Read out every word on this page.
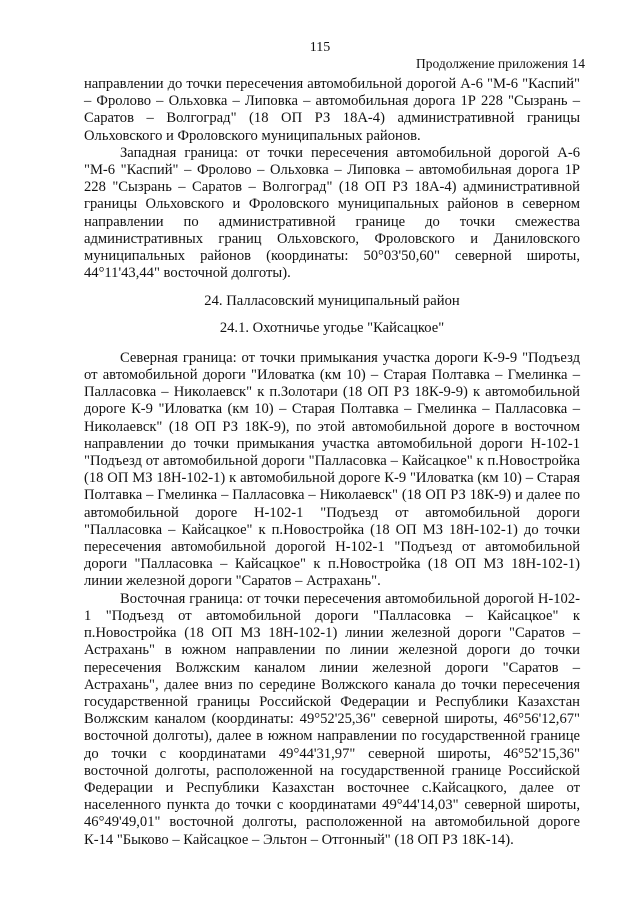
115
Продолжение приложения 14

направлении до точки пересечения автомобильной дорогой А-6 "М-6 "Каспий" – Фролово – Ольховка – Липовка – автомобильная дорога 1Р 228 "Сызрань – Саратов – Волгоград" (18 ОП РЗ 18А-4) административной границы Ольховского и Фроловского муниципальных районов.

Западная граница: от точки пересечения автомобильной дорогой А-6 "М-6 "Каспий" – Фролово – Ольховка – Липовка – автомобильная дорога 1Р 228 "Сызрань – Саратов – Волгоград" (18 ОП РЗ 18А-4) административной границы Ольховского и Фроловского муниципальных районов в северном направлении по административной границе до точки смежества административных границ Ольховского, Фроловского и Даниловского муниципальных районов (координаты: 50°03'50,60" северной широты, 44°11'43,44" восточной долготы).

24. Палласовский муниципальный район
24.1. Охотничье угодье "Кайсацкое"

Северная граница: от точки примыкания участка дороги К-9-9 "Подъезд от автомобильной дороги "Иловатка (км 10) – Старая Полтавка – Гмелинка – Палласовка – Николаевск" к п.Золотари (18 ОП РЗ 18К-9-9) к автомобильной дороге К-9 "Иловатка (км 10) – Старая Полтавка – Гмелинка – Палласовка – Николаевск" (18 ОП РЗ 18К-9), по этой автомобильной дороге в восточном направлении до точки примыкания участка автомобильной дороги Н-102-1 "Подъезд от автомобильной дороги "Палласовка – Кайсацкое" к п.Новостройка (18 ОП МЗ 18Н-102-1) к автомобильной дороге К-9 "Иловатка (км 10) – Старая Полтавка – Гмелинка – Палласовка – Николаевск" (18 ОП РЗ 18К-9) и далее по автомобильной дороге Н-102-1 "Подъезд от автомобильной дороги "Палласовка – Кайсацкое" к п.Новостройка (18 ОП МЗ 18Н-102-1) до точки пересечения автомобильной дорогой Н-102-1 "Подъезд от автомобильной дороги "Палласовка – Кайсацкое" к п.Новостройка (18 ОП МЗ 18Н-102-1) линии железной дороги "Саратов – Астрахань".

Восточная граница: от точки пересечения автомобильной дорогой Н-102-1 "Подъезд от автомобильной дороги "Палласовка – Кайсацкое" к п.Новостройка (18 ОП МЗ 18Н-102-1) линии железной дороги "Саратов – Астрахань" в южном направлении по линии железной дороги до точки пересечения Волжским каналом линии железной дороги "Саратов – Астрахань", далее вниз по середине Волжского канала до точки пересечения государственной границы Российской Федерации и Республики Казахстан Волжским каналом (координаты: 49°52'25,36" северной широты, 46°56'12,67" восточной долготы), далее в южном направлении по государственной границе до точки с координатами 49°44'31,97" северной широты, 46°52'15,36" восточной долготы, расположенной на государственной границе Российской Федерации и Республики Казахстан восточнее с.Кайсацкого, далее от населенного пункта до точки с координатами 49°44'14,03" северной широты, 46°49'49,01" восточной долготы, расположенной на автомобильной дороге К-14 "Быково – Кайсацкое – Эльтон – Отгонный" (18 ОП РЗ 18К-14).
